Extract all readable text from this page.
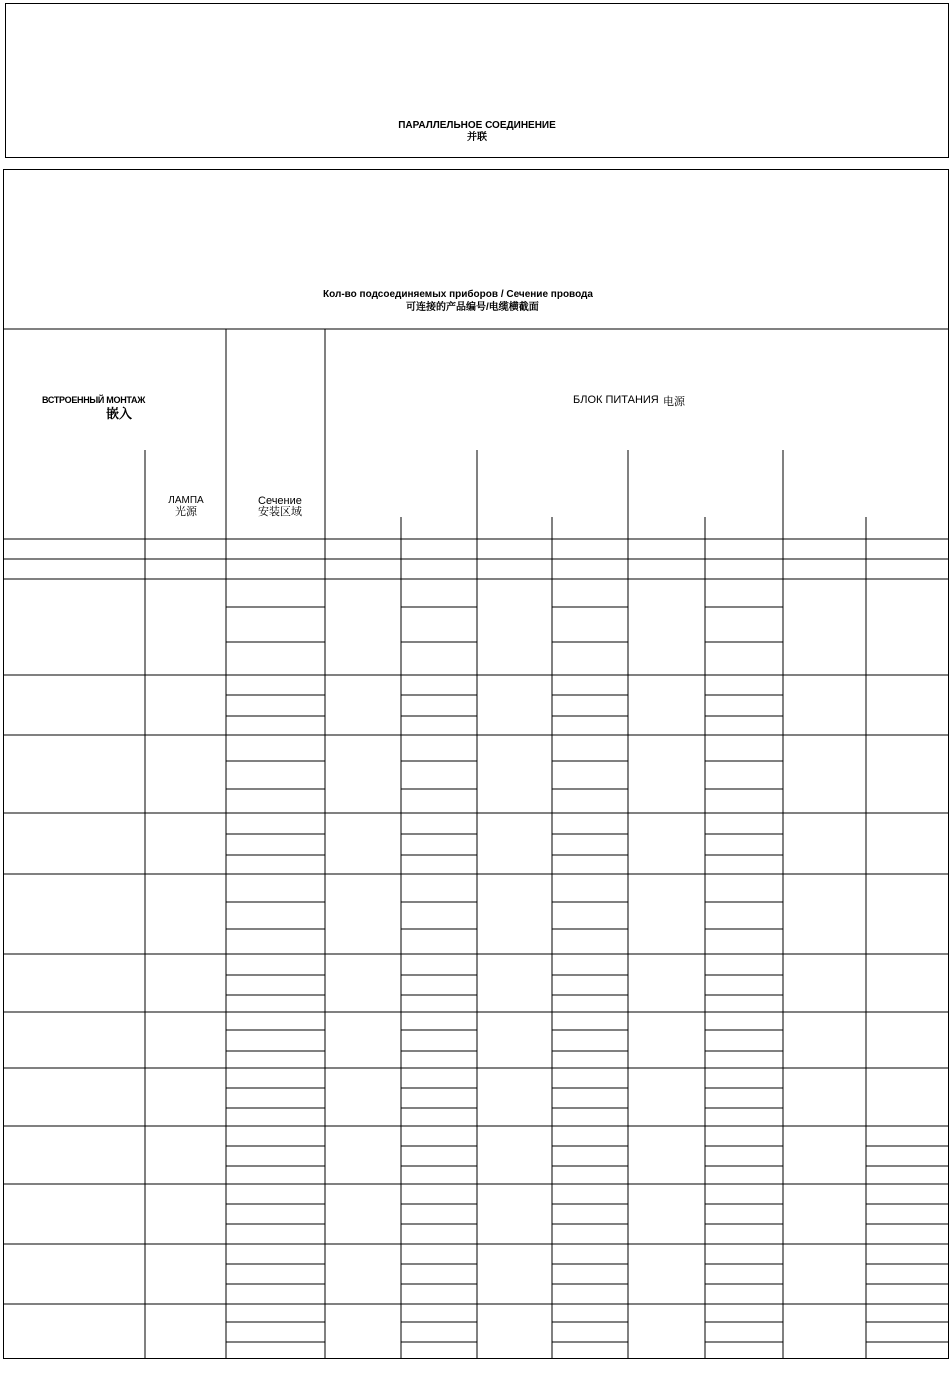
ПАРАЛЛЕЛЬНОЕ СОЕДИНЕНИЕ
并联
Кол-во подсоединяемых приборов / Сечение провода
可连接的产品编号/电缆横截面
ВСТРОЕННЫЙ МОНТАЖ
嵌入
БЛОК ПИТАНИЯ 电源
ЛАМПА
光源
Сечение
安装区域
